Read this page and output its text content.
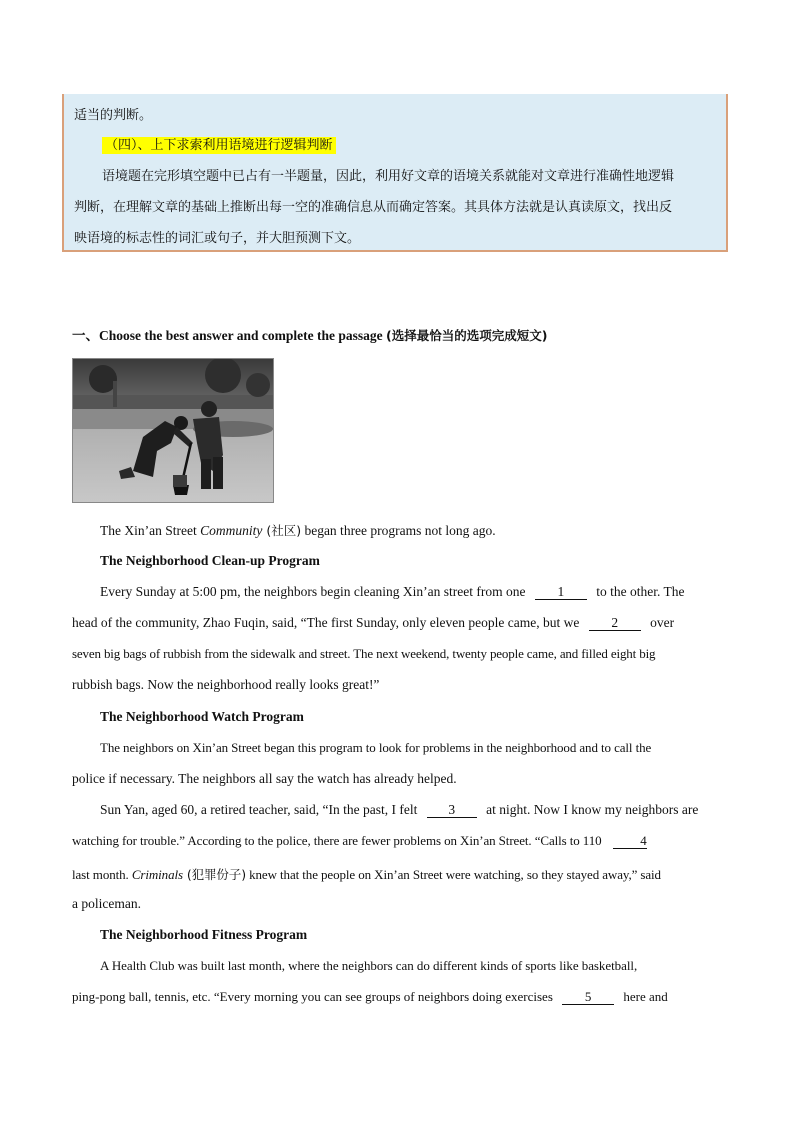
适当的判断。
（四）、上下求索利用语境进行逻辑判断
语境题在完形填空题中已占有一半题量，因此，利用好文章的语境关系就能对文章进行准确性地逻辑
判断，在理解文章的基础上推断出每一空的准确信息从而确定答案。其具体方法就是认真读原文，找出反
映语境的标志性的词汇或句子，并大胆预测下文。
一、Choose the best answer and complete the passage (选择最恰当的选项完成短文)
The Xin’an Street Community (社区) began three programs not long ago.
The Neighborhood Clean-up Program
Every Sunday at 5:00 pm, the neighbors begin cleaning Xin’an street from one 1 to the other. The
head of the community, Zhao Fuqin, said, “The first Sunday, only eleven people came, but we 2 over
seven big bags of rubbish from the sidewalk and street. The next weekend, twenty people came, and filled eight big
rubbish bags. Now the neighborhood really looks great!”
The Neighborhood Watch Program
The neighbors on Xin’an Street began this program to look for problems in the neighborhood and to call the
police if necessary. The neighbors all say the watch has already helped.
Sun Yan, aged 60, a retired teacher, said, “In the past, I felt 3 at night. Now I know my neighbors are
watching for trouble.” According to the police, there are fewer problems on Xin’an Street. “Calls to 110	4
last month. Criminals (犯罪份子) knew that the people on Xin’an Street were watching, so they stayed away,” said
a policeman.
The Neighborhood Fitness Program
A Health Club was built last month, where the neighbors can do different kinds of sports like basketball,
ping-pong ball, tennis, etc. “Every morning you can see groups of neighbors doing exercises 5 here and
